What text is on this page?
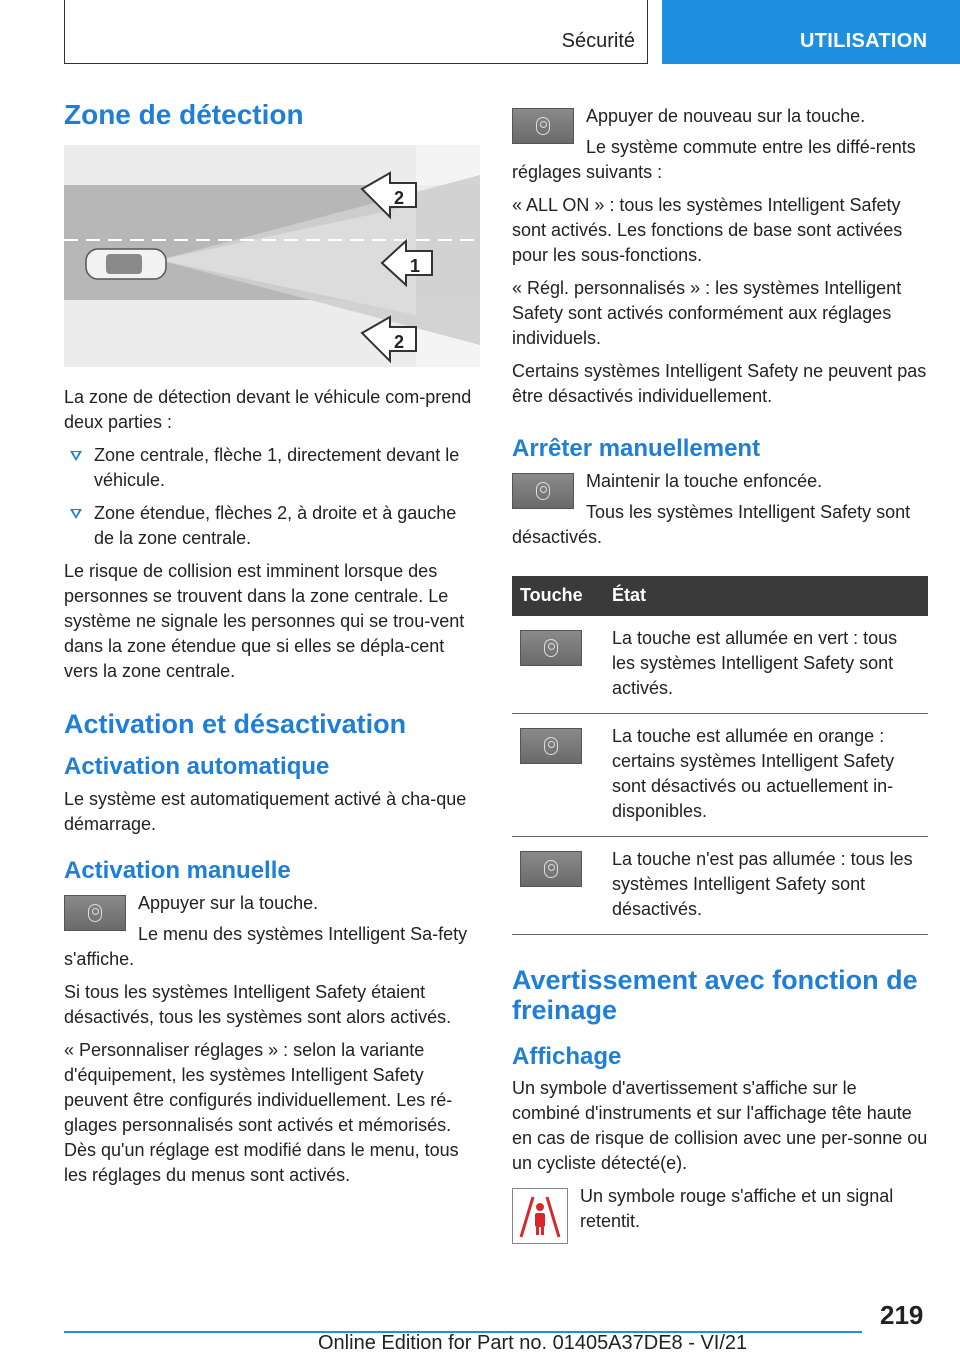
Sécurité	UTILISATION
Zone de détection
1
2
2

La zone de détection devant le véhicule com-prend deux parties :

Zone centrale, flèche 1, directement devant le véhicule.
Zone étendue, flèches 2, à droite et à gauche de la zone centrale.

Le risque de collision est imminent lorsque des personnes se trouvent dans la zone centrale. Le système ne signale les personnes qui se trou-vent dans la zone étendue que si elles se dépla-cent vers la zone centrale.

Activation et désactivation
Activation automatique

Le système est automatiquement activé à cha-que démarrage.

Activation manuelle

Appuyer sur la touche.

Le menu des systèmes Intelligent Sa-fety s'affiche.

Si tous les systèmes Intelligent Safety étaient désactivés, tous les systèmes sont alors activés.

« Personnaliser réglages » : selon la variante d'équipement, les systèmes Intelligent Safety peuvent être configurés individuellement. Les ré-glages personnalisés sont activés et mémorisés. Dès qu'un réglage est modifié dans le menu, tous les réglages du menus sont activés.

Appuyer de nouveau sur la touche.

Le système commute entre les diffé-rents réglages suivants :

« ALL ON » : tous les systèmes Intelligent Safety sont activés. Les fonctions de base sont activées pour les sous-fonctions.

« Régl. personnalisés » : les systèmes Intelligent Safety sont activés conformément aux réglages individuels.

Certains systèmes Intelligent Safety ne peuvent pas être désactivés individuellement.

Arrêter manuellement

Maintenir la touche enfoncée.

Tous les systèmes Intelligent Safety sont désactivés.

Touche	État

	La touche est allumée en vert : tous les systèmes Intelligent Safety sont activés.

	La touche est allumée en orange : certains systèmes Intelligent Safety sont désactivés ou actuellement in-disponibles.

	La touche n'est pas allumée : tous les systèmes Intelligent Safety sont désactivés.
Avertissement avec fonction de freinage
Affichage

Un symbole d'avertissement s'affiche sur le combiné d'instruments et sur l'affichage tête haute en cas de risque de collision avec une per-sonne ou un cycliste détecté(e).

Un symbole rouge s'affiche et un signal retentit.

219
Online Edition for Part no. 01405A37DE8 - VI/21
